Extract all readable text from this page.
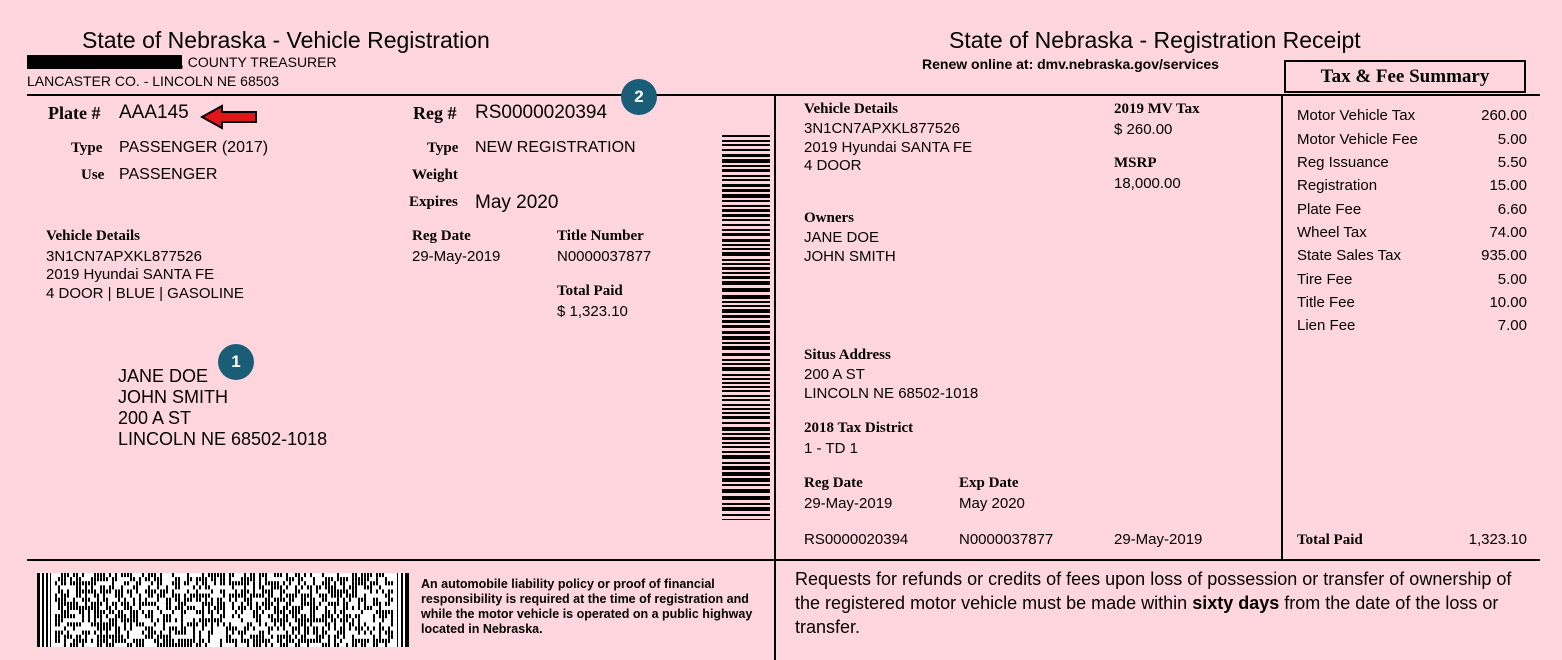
State of Nebraska - Vehicle Registration
, COUNTY TREASURER
LANCASTER CO. - LINCOLN NE 68503
State of Nebraska - Registration Receipt
Renew online at: dmv.nebraska.gov/services
Tax & Fee Summary
Plate # AAA145
Type PASSENGER (2017)
Use PASSENGER
Reg # RS0000020394
2
Type NEW REGISTRATION
Weight
Expires May 2020
Vehicle Details
3N1CN7APXKL877526
2019 Hyundai SANTA FE
4 DOOR | BLUE | GASOLINE
Reg Date
29-May-2019
Title Number
N0000037877
Total Paid
$ 1,323.10
JANE DOE
JOHN SMITH
200 A ST
LINCOLN NE 68502-1018
1
Vehicle Details
3N1CN7APXKL877526
2019 Hyundai SANTA FE
4 DOOR
2019 MV Tax
$ 260.00
MSRP
18,000.00
Owners
JANE DOE
JOHN SMITH
Situs Address
200 A ST
LINCOLN NE 68502-1018
2018 Tax District
1 - TD 1
Reg Date
29-May-2019
Exp Date
May 2020
RS0000020394	N0000037877	29-May-2019
Motor Vehicle Tax	260.00
Motor Vehicle Fee	5.00
Reg Issuance	5.50
Registration	15.00
Plate Fee	6.60
Wheel Tax	74.00
State Sales Tax	935.00
Tire Fee	5.00
Title Fee	10.00
Lien Fee	7.00
Total Paid	1,323.10
An automobile liability policy or proof of financial responsibility is required at the time of registration and while the motor vehicle is operated on a public highway located in Nebraska.
Requests for refunds or credits of fees upon loss of possession or transfer of ownership of the registered motor vehicle must be made within sixty days from the date of the loss or transfer.
